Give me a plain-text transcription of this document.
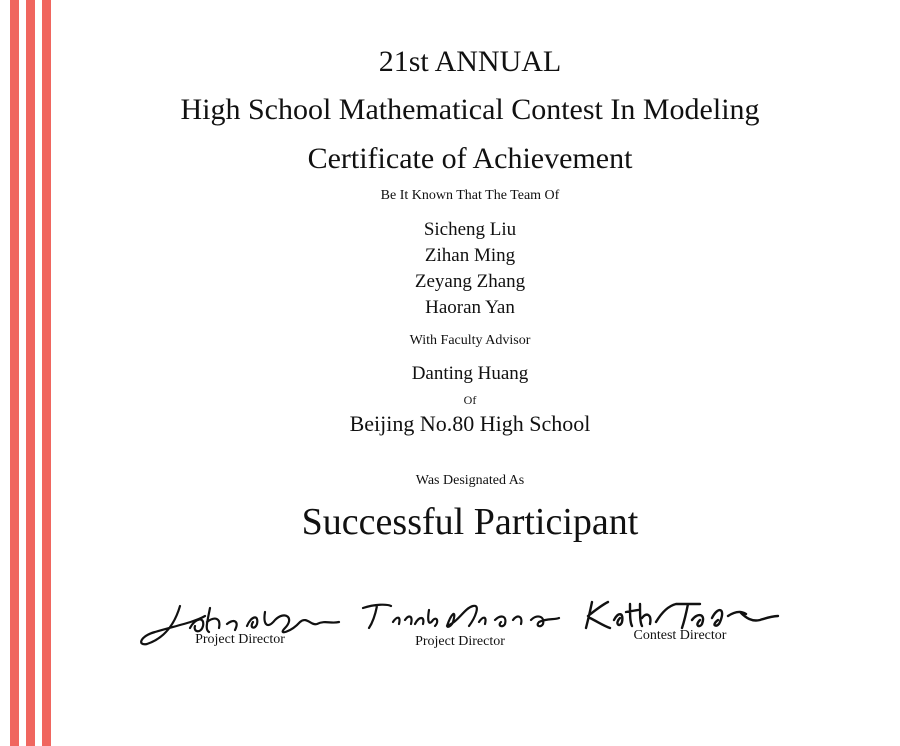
21st ANNUAL

High School Mathematical Contest In Modeling

Certificate of Achievement

Be It Known That The Team Of

Sicheng Liu

Zihan Ming

Zeyang Zhang

Haoran Yan

With Faculty Advisor

Danting Huang

Of

Beijing No.80 High School

Was Designated As

Successful Participant

Project Director	Project Director	Contest Director
